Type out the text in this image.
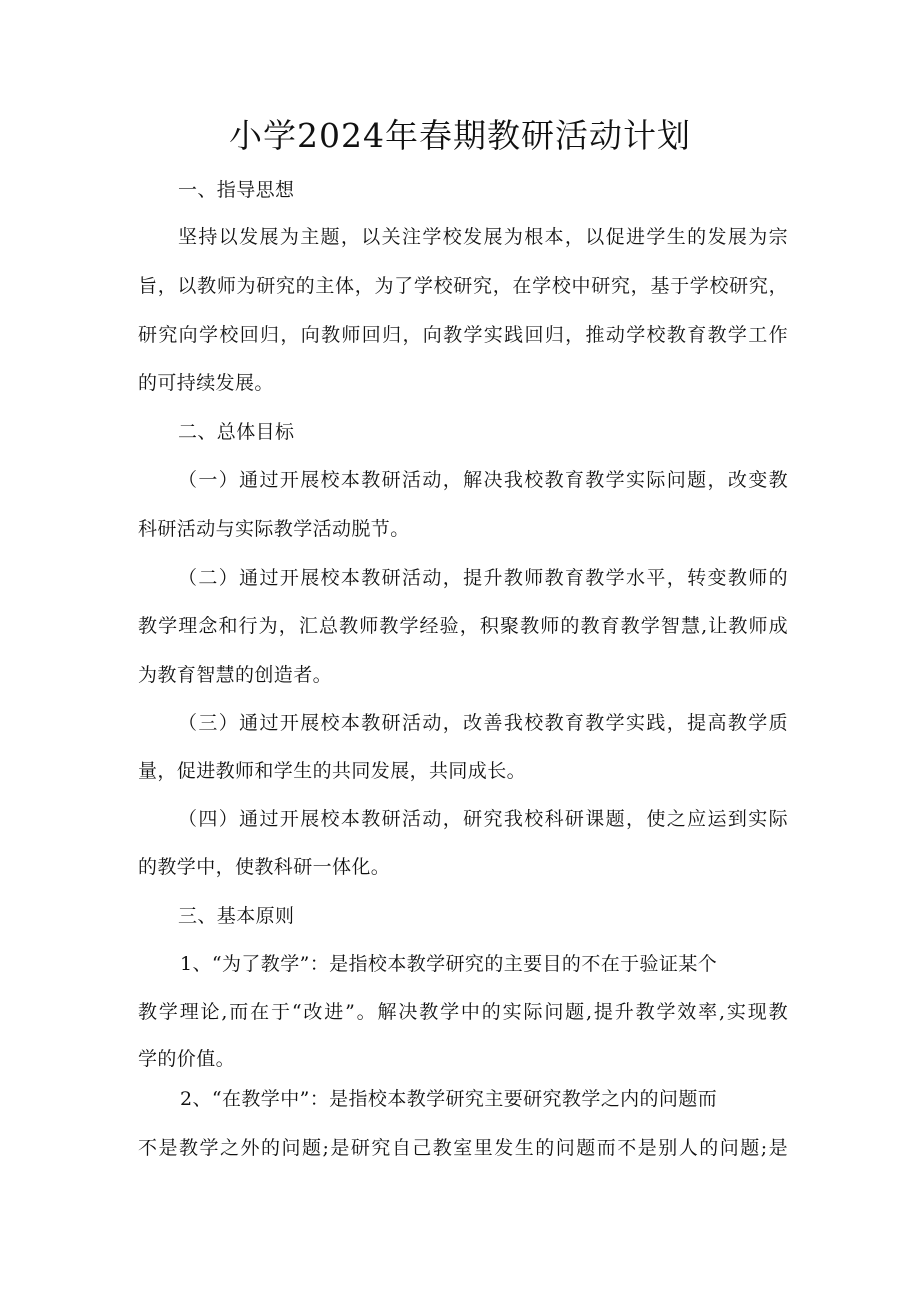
小学2024年春期教研活动计划
一、指导思想
坚持以发展为主题，以关注学校发展为根本，以促进学生的发展为宗
旨，以教师为研究的主体，为了学校研究，在学校中研究，基于学校研究，
研究向学校回归，向教师回归，向教学实践回归，推动学校教育教学工作
的可持续发展。
二、总体目标
（一）通过开展校本教研活动，解决我校教育教学实际问题，改变教
科研活动与实际教学活动脱节。
（二）通过开展校本教研活动，提升教师教育教学水平，转变教师的
教学理念和行为，汇总教师教学经验，积聚教师的教育教学智慧,让教师成
为教育智慧的创造者。
（三）通过开展校本教研活动，改善我校教育教学实践，提高教学质
量，促进教师和学生的共同发展，共同成长。
（四）通过开展校本教研活动，研究我校科研课题，使之应运到实际
的教学中，使教科研一体化。
三、基本原则
1、“为了教学”：是指校本教学研究的主要目的不在于验证某个
教学理论,而在于“改进”。解决教学中的实际问题,提升教学效率,实现教
学的价值。
2、“在教学中”：是指校本教学研究主要研究教学之内的问题而
不是教学之外的问题;是研究自己教室里发生的问题而不是别人的问题;是
